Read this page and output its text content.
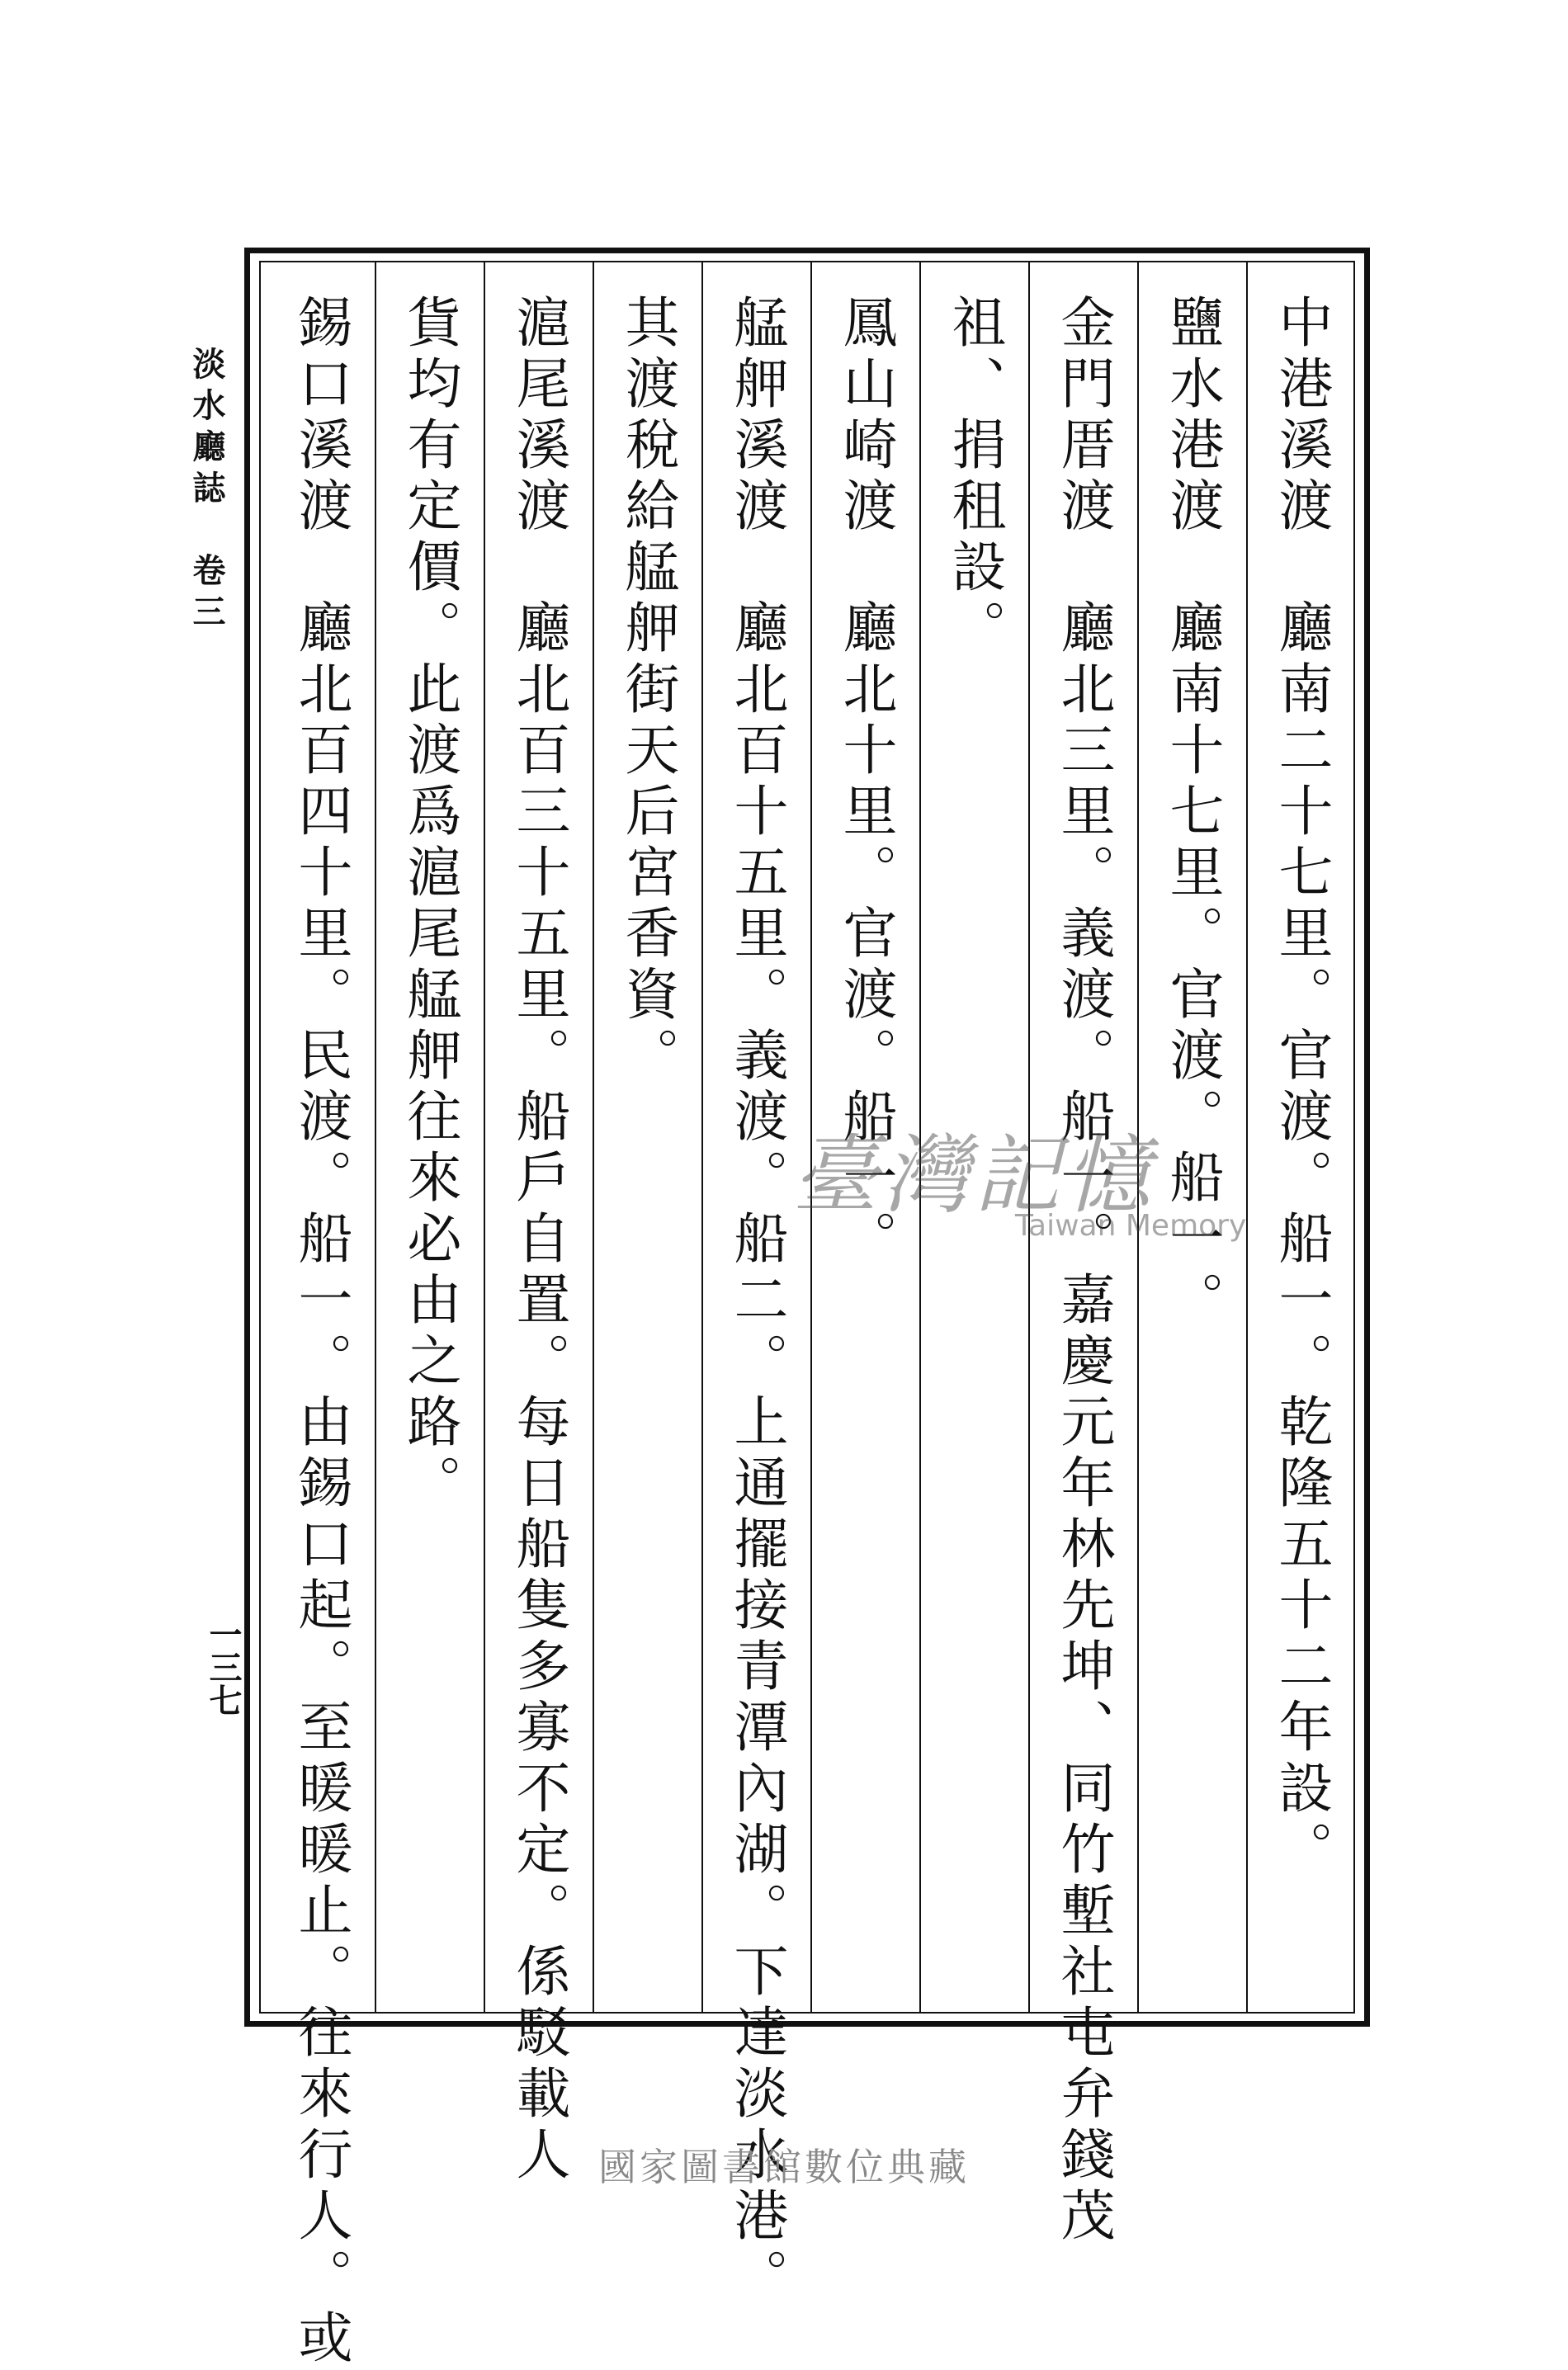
淡水廳誌　卷三
一三七	中港溪渡　廳南二十七里。官渡。船一。乾隆五十二年設。
鹽水港渡　廳南十七里。官渡。船一。
金門厝渡　廳北三里。義渡。船一。嘉慶元年林先坤、同竹塹社屯弁錢茂
祖、捐租設。
鳳山崎渡　廳北十里。官渡。船一。
艋舺溪渡　廳北百十五里。義渡。船二。上通擺接青潭內湖。下達淡水港。
其渡稅給艋舺街天后宮香資。
滬尾溪渡　廳北百三十五里。船戶自置。每日船隻多寡不定。係駁載人
貨均有定價。此渡爲滬尾艋舺往來必由之路。
錫口溪渡　廳北百四十里。民渡。船一。由錫口起。至暖暖止。往來行人。或	臺灣記憶
Taiwan Memory
國家圖書館數位典藏
